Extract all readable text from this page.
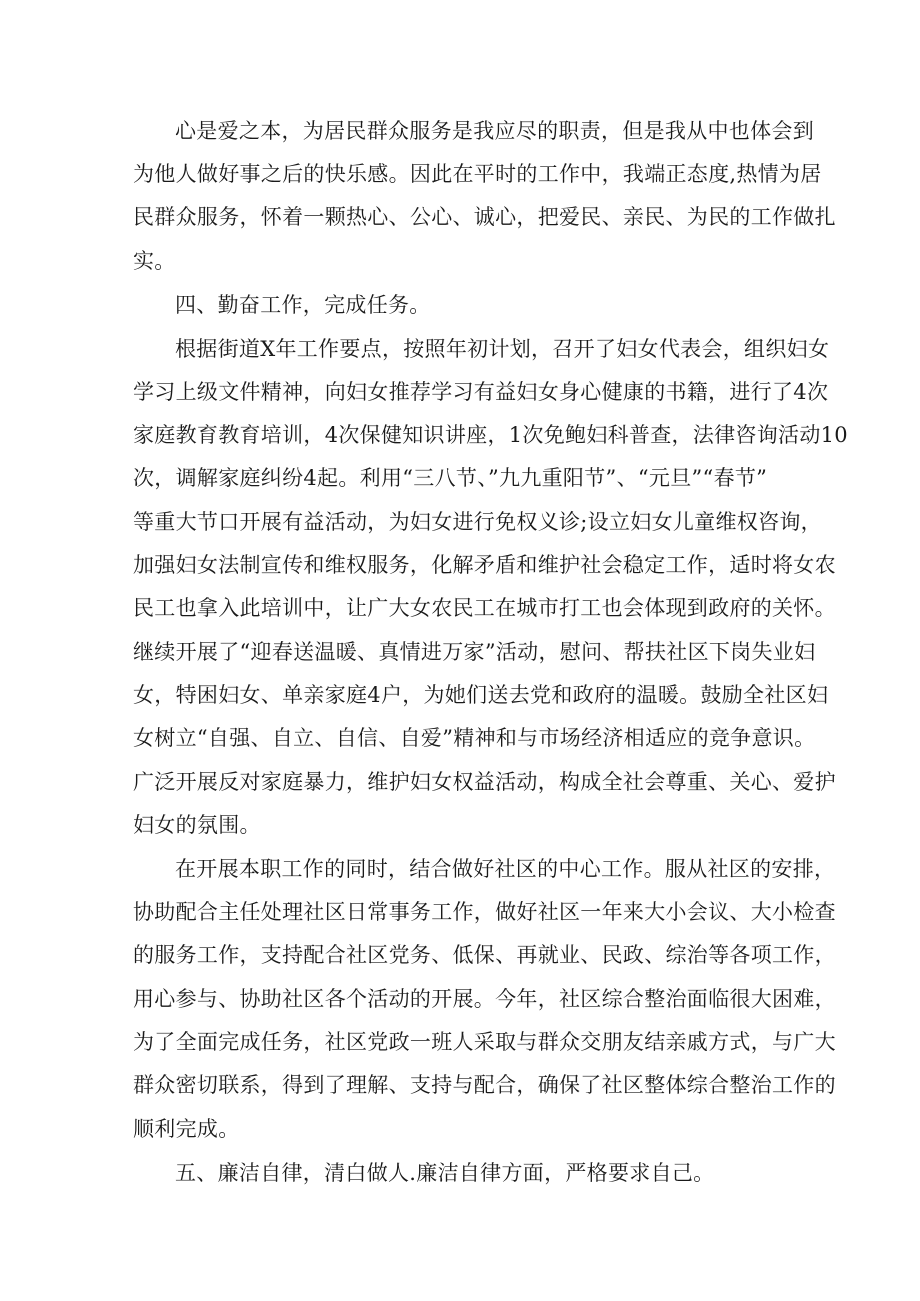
心是爱之本，为居民群众服务是我应尽的职责，但是我从中也体会到

为他人做好事之后的快乐感。因此在平时的工作中，我端正态度,热情为居

民群众服务，怀着一颗热心、公心、诚心，把爱民、亲民、为民的工作做扎

实。

四、勤奋工作，完成任务。

根据街道X年工作要点，按照年初计划，召开了妇女代表会，组织妇女

学习上级文件精神，向妇女推荐学习有益妇女身心健康的书籍，进行了4次

家庭教育教育培训，4次保健知识讲座，1次免鲍妇科普查，法律咨询活动10

次，调解家庭纠纷4起。利用“三八节、”九九重阳节”、“元旦”“春节”

等重大节口开展有益活动，为妇女进行免权义诊;设立妇女儿童维权咨询，

加强妇女法制宣传和维权服务，化解矛盾和维护社会稳定工作，适时将女农

民工也拿入此培训中，让广大女农民工在城市打工也会体现到政府的关怀。

继续开展了“迎春送温暖、真情进万家”活动，慰问、帮扶社区下岗失业妇

女，特困妇女、单亲家庭4户，为她们送去党和政府的温暖。鼓励全社区妇

女树立“自强、自立、自信、自爱”精神和与市场经济相适应的竞争意识。

广泛开展反对家庭暴力，维护妇女权益活动，构成全社会尊重、关心、爱护

妇女的氛围。

在开展本职工作的同时，结合做好社区的中心工作。服从社区的安排，

协助配合主任处理社区日常事务工作，做好社区一年来大小会议、大小检查

的服务工作，支持配合社区党务、低保、再就业、民政、综治等各项工作，

用心参与、协助社区各个活动的开展。今年，社区综合整治面临很大困难，

为了全面完成任务，社区党政一班人采取与群众交朋友结亲戚方式，与广大

群众密切联系，得到了理解、支持与配合，确保了社区整体综合整治工作的

顺利完成。

五、廉洁自律，清白做人.廉洁自律方面，严格要求自己。
